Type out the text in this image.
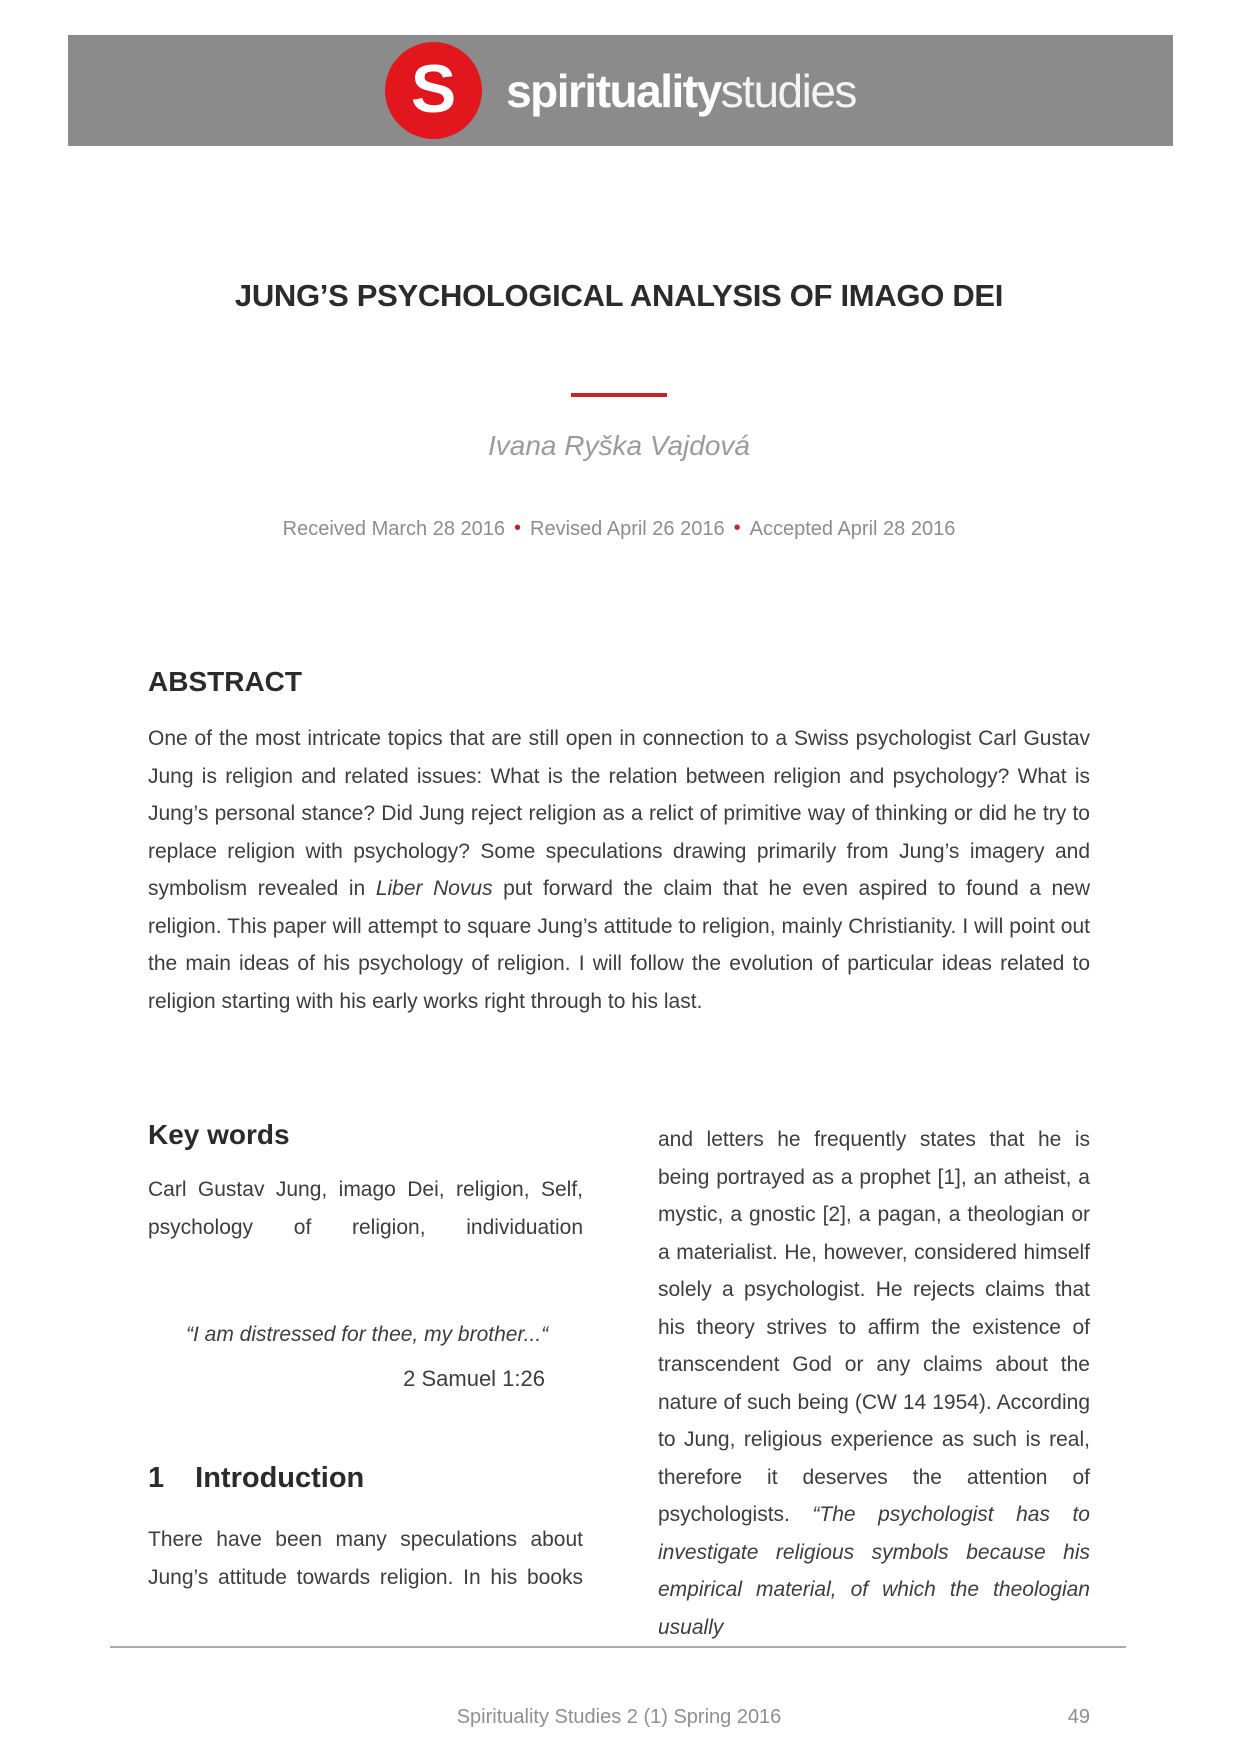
S spiritualitystudies
JUNG’S PSYCHOLOGICAL ANALYSIS OF IMAGO DEI
Ivana Ryška Vajdová
Received March 28 2016 • Revised April 26 2016 • Accepted April 28 2016
ABSTRACT
One of the most intricate topics that are still open in connection to a Swiss psychologist Carl Gustav Jung is religion and related issues: What is the relation between religion and psychology? What is Jung’s personal stance? Did Jung reject religion as a relict of primitive way of thinking or did he try to replace religion with psychology? Some speculations drawing primarily from Jung’s imagery and symbolism revealed in Liber Novus put forward the claim that he even aspired to found a new religion. This paper will attempt to square Jung’s attitude to religion, mainly Christianity. I will point out the main ideas of his psychology of religion. I will follow the evolution of particular ideas related to religion starting with his early works right through to his last.
Key words
Carl Gustav Jung, imago Dei, religion, Self, psychology of religion, individuation
“I am distressed for thee, my brother...“
2 Samuel 1:26
1 Introduction
There have been many speculations about Jung’s attitude towards religion. In his books
and letters he frequently states that he is being portrayed as a prophet [1], an atheist, a mystic, a gnostic [2], a pagan, a theologian or a materialist. He, however, considered himself solely a psychologist. He rejects claims that his theory strives to affirm the existence of transcendent God or any claims about the nature of such being (CW 14 1954). According to Jung, religious experience as such is real, therefore it deserves the attention of psychologists. “The psychologist has to investigate religious symbols because his empirical material, of which the theologian usually
Spirituality Studies 2 (1) Spring 2016	49
